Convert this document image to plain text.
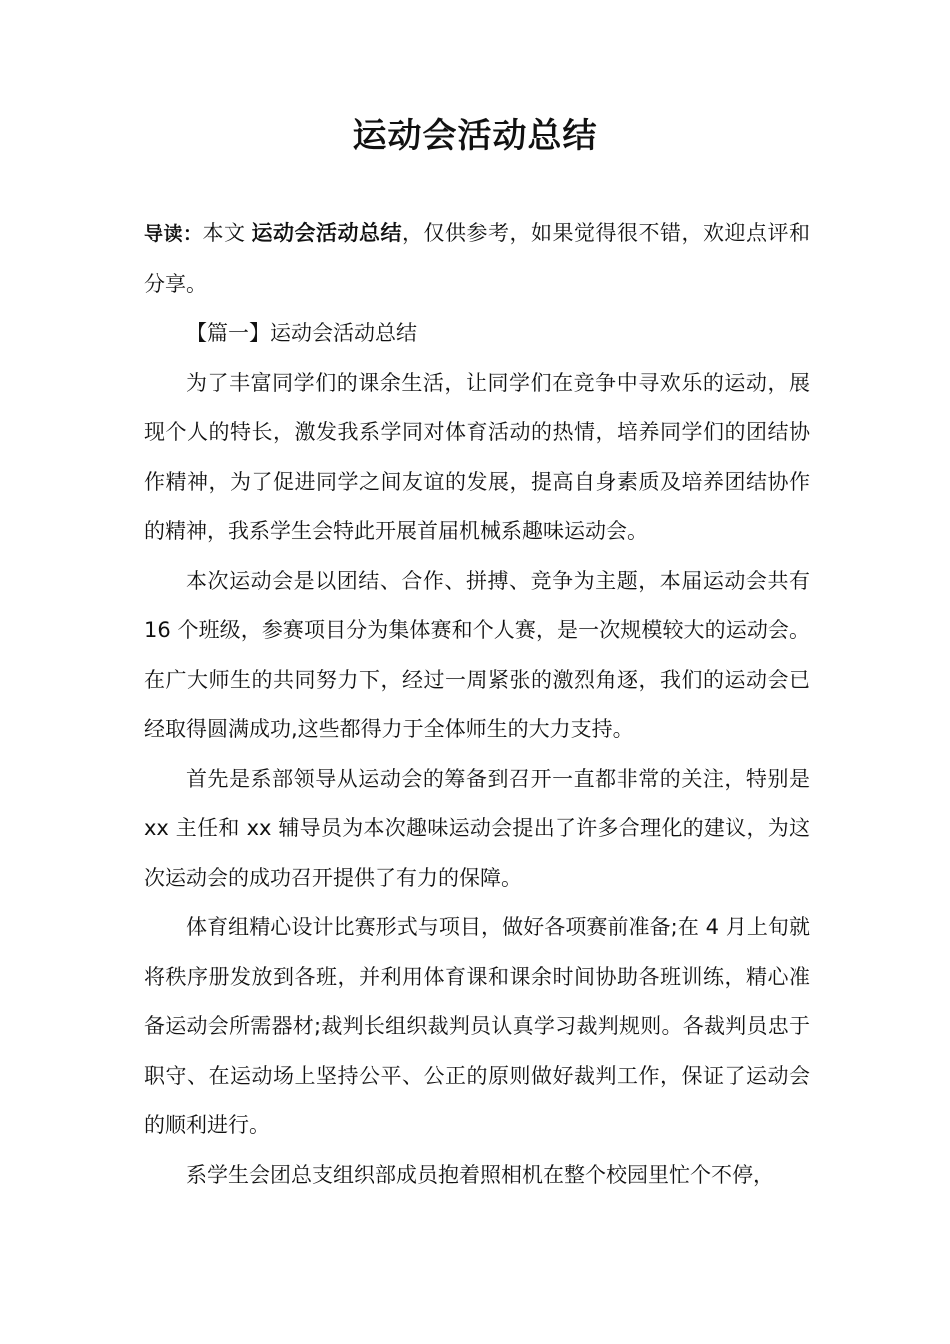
运动会活动总结

导读：本文 运动会活动总结，仅供参考，如果觉得很不错，欢迎点评和分享。

【篇一】运动会活动总结

为了丰富同学们的课余生活，让同学们在竞争中寻欢乐的运动，展现个人的特长，激发我系学同对体育活动的热情，培养同学们的团结协作精神，为了促进同学之间友谊的发展，提高自身素质及培养团结协作的精神，我系学生会特此开展首届机械系趣味运动会。

本次运动会是以团结、合作、拼搏、竞争为主题，本届运动会共有 16 个班级，参赛项目分为集体赛和个人赛，是一次规模较大的运动会。在广大师生的共同努力下，经过一周紧张的激烈角逐，我们的运动会已经取得圆满成功,这些都得力于全体师生的大力支持。

首先是系部领导从运动会的筹备到召开一直都非常的关注，特别是 xx 主任和 xx 辅导员为本次趣味运动会提出了许多合理化的建议，为这次运动会的成功召开提供了有力的保障。

体育组精心设计比赛形式与项目，做好各项赛前准备;在 4 月上旬就将秩序册发放到各班，并利用体育课和课余时间协助各班训练，精心准备运动会所需器材;裁判长组织裁判员认真学习裁判规则。各裁判员忠于职守、在运动场上坚持公平、公正的原则做好裁判工作，保证了运动会的顺利进行。

系学生会团总支组织部成员抱着照相机在整个校园里忙个不停，
